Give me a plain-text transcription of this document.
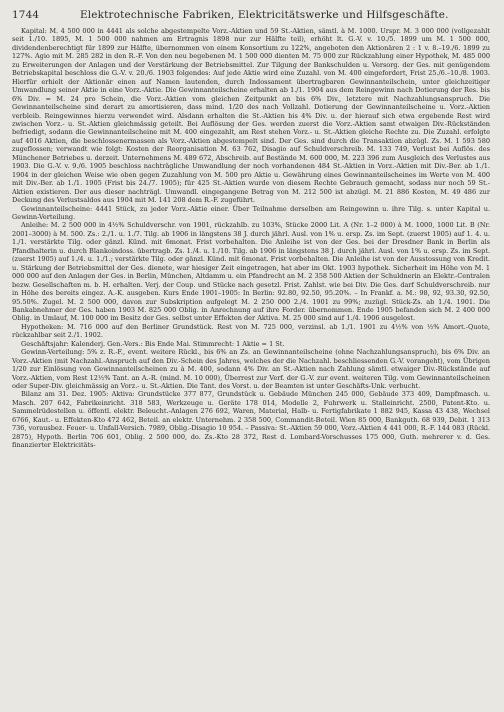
1744	Elektrotechnische Fabriken, Elektricitätswerke und Hilfsgeschäfte.

Kapital: M. 4 500 000 in 4441 als solche abgestempelte Vorz.-Aktien und 59 St.-Aktien, sämtl. à M. 1000. Urspr. M. 3 000 000 (vollgezahlt seit 1./10. 1895, M. 1 500 000 nahmen am Ertragnis 1898 nur zur Hälfte teil), erhöht lt. G.-V. v. 10./5. 1899 um M. 1 500 000, dividendenberechtigt für 1899 zur Hälfte, übernommen von einem Konsortium zu 122%, angeboten den Aktionären 2 : 1 v. 8.–19./6. 1899 zu 127%. Agio mit M. 285 282 in den R.-F. Von den neu begebenen M. 1 500 000 dienten M. 75 000 zur Rückzahlung einer Hypothek, M. 485 000 zu Erweiterungen der Anlagen und der Verstärkung der Betriebsmittel. Zur Tilgung der Bankschulden u. Versorg. der Ges. mit genügendem Betriebskapital beschloss die G.-V. v. 20./6. 1903 folgendes: Auf jede Aktie wird eine Zuzahl. von M. 400 eingefordert, Frist 25./6.–10./8. 1903. Hierfür erhielt der Aktionär einen auf Namen lautenden, durch Indossament übertragbaren Gewinnanteilschein, unter gleichzeitiger Umwandlung seiner Aktie in eine Vorz.-Aktie. Die Gewinnanteilscheine erhalten ab 1./1. 1904 aus dem Reingewinn nach Dotierung der Res. bis 6% Div. = M. 24 pro Schein, die Vorz.-Aktien vom gleichen Zeitpunkt an bis 6% Div., letztere mit Nachzahlungsanspruch. Die Gewinnanteilscheine sind derart zu amortisieren, dass mind. 1/20 des nach Vollzahl. Dotierung der Gewinnanteilscheine u. Vorz.-Aktien verbleib. Reingewinnes hierzu verwendet wird. Alsdann erhalten die St.-Aktien bis 4% Div. u. der hierauf sich etwa ergebende Rest wird zwischen Vorz.- u. St.-Aktien gleichmässig geteilt. Bei Auflösung der Ges. werden zuerst die Vorz.-Aktien samt etwaigen Div.-Rückständen befriedigt, sodann die Gewinnanteilscheine mit M. 400 eingezahlt, am Rest stehen Vorz.- u. St.-Aktien gleiche Rechte zu. Die Zuzahl. erfolgte auf 4016 Aktien, die beschlossenermassen als Vorz.-Aktien abgestempelt sind. Der Ges. sind durch die Transaktion abzügl. Zs. M. 1 593 580 zugeflossen; verwandt wie folgt: Kosten der Reorganisation M. 63 762, Disagio auf Schuldverschreib. M. 133 749, Verlust bei Auflös. des Münchener Betriebes u. derzeit. Unternehmens M. 489 672, Abschreib. auf Bestände M. 600 000, M. 223 396 zum Ausgleich des Verlustes aus 1903. Die G.-V. v. 9./6. 1905 beschloss nachträgliche Umwandlung der noch vorhandenen 484 St.-Aktien in Vorz.-Aktien mit Div.-Ber. ab 1./1. 1904 in der gleichen Weise wie oben gegen Zuzahlung von M. 500 pro Aktie u. Gewährung eines Gewinnanteilscheines im Werte von M. 400 mit Div.-Ber. ab 1./1. 1905 (Frist bis 24./7. 1905); für 425 St.-Aktien wurde von diesem Rechte Gebrauch gemacht, sodass nur noch 59 St.-Aktien existieren. Der aus dieser nachträgl. Umwandl. eingegangene Betrag von M. 212 500 ist abzügl. M. 21 886 Kosten, M. 49 486 zur Deckung des Verlustsaldos aus 1904 mit M. 141 208 dem R.-F. zugeführt.

Gewinnanteilscheine: 4441 Stück, zu jeder Vorz.-Aktie einer. Über Teilnahme derselben am Reingewinn u. ihre Tilg. s. unter Kapital u. Gewinn-Verteilung.

Anleihe: M. 2 500 000 in 4½% Schuldverschr. von 1901, rückzahlb. zu 103%, Stücke 2000 Lit. A (Nr. 1–2 000) à M. 1000, 1000 Lit. B (Nr. 2001–3000) à M. 500. Zs.: 2./1. u. 1./7. Tilg. ab 1906 in längstens 38 J. durch jährl. Ausl. von 1% u. ersp. Zs. im Sept. (zuerst 1905) auf 1. 4. u. 1./1. verstärkte Tilg. oder gänzl. Künd. mit 6monat. Frist vorbehalten. Die Anleihe ist von der Ges. bei der Dresdner Bank in Berlin als Pfandhalterin u. durch Blankoindoss. übertragb. Zs. 1./4. u. 1./10. Tilg. ab 1906 in längstens 38 J. durch jährl. Ausl. von 1% u. ersp. Zs. im Sept. (zuerst 1905) auf 1./4. u. 1./1.; verstärkte Tilg. oder gänzl. Künd. mit 6monat. Frist vorbehalten. Die Anleihe ist von der Ausstossung von Kredit. u. Stärkung der Betriebsmittel der Ges. dienete, war hiesiger Zeit eingetragen, hat aber im Okt. 1903 hypothek. Sicherheit im Höhe von M. 1 000 000 auf den Anlagen der Ges. in Berlin, München, Altdamm u. ein Pfandrecht an M. 2 358 500 Aktien der Schuldnerin an Elektr.-Centralen bezw. Gesellschaften m. b. H. erhalten. Verj. der Coup. und Stücke nach gesetzl. Frist. Zahlst. wie bei Div. Die Ges. darf Schuldverschreib. nur in Höhe des bereits eingez. A.-K. ausgeben. Kurs Ende 1901–1905: In Berlin: 92.80, 92.50, 95.20%. – In Frankf. a. M.: 98, 92, 93.30, 92.50, 95.50%. Zugel. M. 2 500 000, davon zur Subskription aufgelegt M. 2 250 000 2./4. 1901 zu 99%; zuzügl. Stück-Zs. ab 1./4. 1901. Die Bankabnehmer der Ges. haben 1903 M. 825 000 Oblig. in Anrechnung auf ihre Forder. übernommen. Ende 1905 befanden sich M. 2 400 000 Oblig. in Umlauf, M. 100 000 im Besitz der Ges. selbst unter Effekten der Aktiva. M. 25 000 sind auf 1./4. 1906 ausgelost.

Hypotheken: M. 716 000 auf den Berliner Grundstück. Rest von M. 725 000, verzinsl. ab 1./1. 1901 zu 4½% von ½% Amort.-Quote, rückzahlbar seit 2./1. 1902.

Geschäftsjahr: Kalenderj. Gen.-Vers.: Bis Ende Mai. Stimmrecht: 1 Aktie = 1 St.

Gewinn-Verteilung: 5% z. R.-F., event. weitere Rückl., bis 6% an Zs. an Gewinnanteilscheine (ohne Nachzahlungsanspruch), bis 6% Div. an Vorz.-Aktien (mit Nachzahl.-Anspruch auf den Div.-Schein des Jahres, welches der die Nachzahl. beschliessenden G.-V. vorangeht), vom Übrigen 1/20 zur Einlösung von Gewinnanteilscheinen zu à M. 400, sodann 4% Div. an St.-Aktien nach Zahlung sämtl. etwaiger Div.-Rückstände auf Vorz.-Aktien, vom Rest 12½% Tant. an A.-R. (mind. M. 10 000), Überrest zur Verf. der G.-V. zur event. weiteren Tilg. vom Gewinnanteilscheinen oder Super-Div. gleichmässig an Vorz.- u. St.-Aktien. Die Tant. des Vorst. u. der Beamten ist unter Geschäfts-Unk. verbucht.

Bilanz am 31. Dez. 1905: Aktiva: Grundstücke 377 877, Grundstück u. Gebäude München 245 000, Gebäude 373 409, Dampfmasch. u. Masch. 207 642, Fabrikeinricht. 318 583, Werkzeuge u. Geräte 178 014, Modelle 2, Fuhrwerk u. Stalleinricht. 2500, Patent-Kto. u. Sammelrüdestellen u. öffentl. elektr. Beleucht.-Anlagen 276 692, Waren, Material, Halb- u. Fertigfabrikate 1 882 945, Kassa 43 438, Wechsel 6766, Kaut.- u. Effekten-Kto 472 462, Beteil. an elektr. Unternehm. 2 358 500, Commandit-Beteil. Wien 85 000, Bankguth. 68 939, Debit. 1 313 736, vorausbez. Feuer- u. Unfall-Versich. 7989, Oblig.-Disagio 10 954. – Passiva: St.-Aktien 59 000, Vorz.-Aktien 4 441 000, R.-F. 144 083 (Rückl. 2875), Hypoth. Berlin 706 601, Oblig. 2 500 000, do. Zs.-Kto 28 372, Rest d. Lombard-Vorschusses 175 000, Guth. mehrerer v. d. Ges. finanzierter Elektricitäts-
